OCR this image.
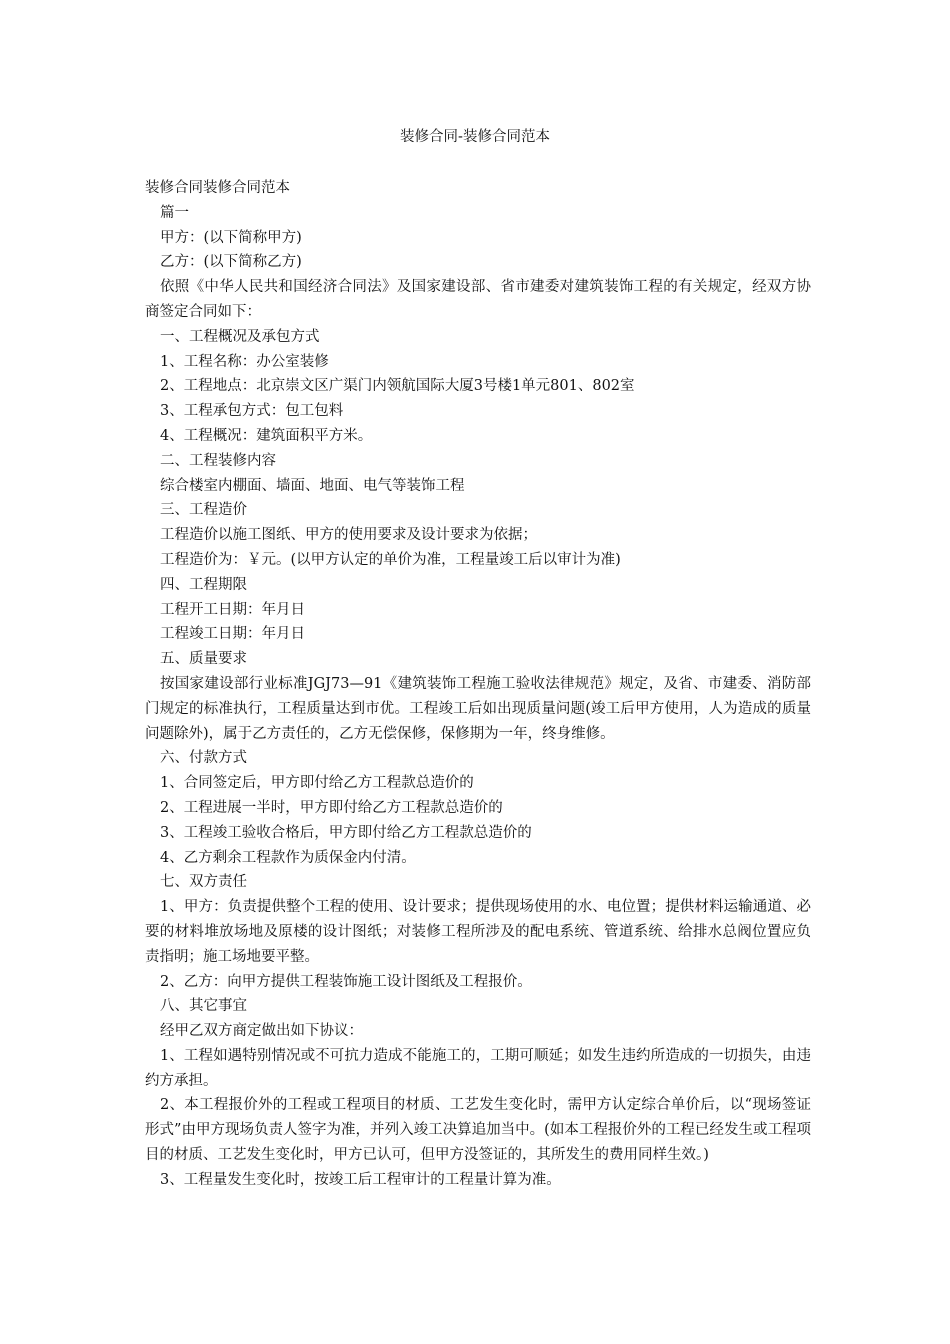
装修合同-装修合同范本
装修合同装修合同范本
篇一
甲方：(以下简称甲方)
乙方：(以下简称乙方)
依照《中华人民共和国经济合同法》及国家建设部、省市建委对建筑装饰工程的有关规定，经双方协商签定合同如下：
一、工程概况及承包方式
1、工程名称：办公室装修
2、工程地点：北京崇文区广渠门内领航国际大厦3号楼1单元801、802室
3、工程承包方式：包工包料
4、工程概况：建筑面积平方米。
二、工程装修内容
综合楼室内棚面、墙面、地面、电气等装饰工程
三、工程造价
工程造价以施工图纸、甲方的使用要求及设计要求为依据；
工程造价为：￥元。(以甲方认定的单价为准，工程量竣工后以审计为准)
四、工程期限
工程开工日期：年月日
工程竣工日期：年月日
五、质量要求
按国家建设部行业标准JGJ73—91《建筑装饰工程施工验收法律规范》规定，及省、市建委、消防部门规定的标准执行，工程质量达到市优。工程竣工后如出现质量问题(竣工后甲方使用，人为造成的质量问题除外)，属于乙方责任的，乙方无偿保修，保修期为一年，终身维修。
六、付款方式
1、合同签定后，甲方即付给乙方工程款总造价的
2、工程进展一半时，甲方即付给乙方工程款总造价的
3、工程竣工验收合格后，甲方即付给乙方工程款总造价的
4、乙方剩余工程款作为质保金内付清。
七、双方责任
1、甲方：负责提供整个工程的使用、设计要求；提供现场使用的水、电位置；提供材料运输通道、必要的材料堆放场地及原楼的设计图纸；对装修工程所涉及的配电系统、管道系统、给排水总阀位置应负责指明；施工场地要平整。
2、乙方：向甲方提供工程装饰施工设计图纸及工程报价。
八、其它事宜
经甲乙双方商定做出如下协议：
1、工程如遇特别情况或不可抗力造成不能施工的，工期可顺延；如发生违约所造成的一切损失，由违约方承担。
2、本工程报价外的工程或工程项目的材质、工艺发生变化时，需甲方认定综合单价后，以“现场签证形式”由甲方现场负责人签字为准，并列入竣工决算追加当中。(如本工程报价外的工程已经发生或工程项目的材质、工艺发生变化时，甲方已认可，但甲方没签证的，其所发生的费用同样生效。)
3、工程量发生变化时，按竣工后工程审计的工程量计算为准。
